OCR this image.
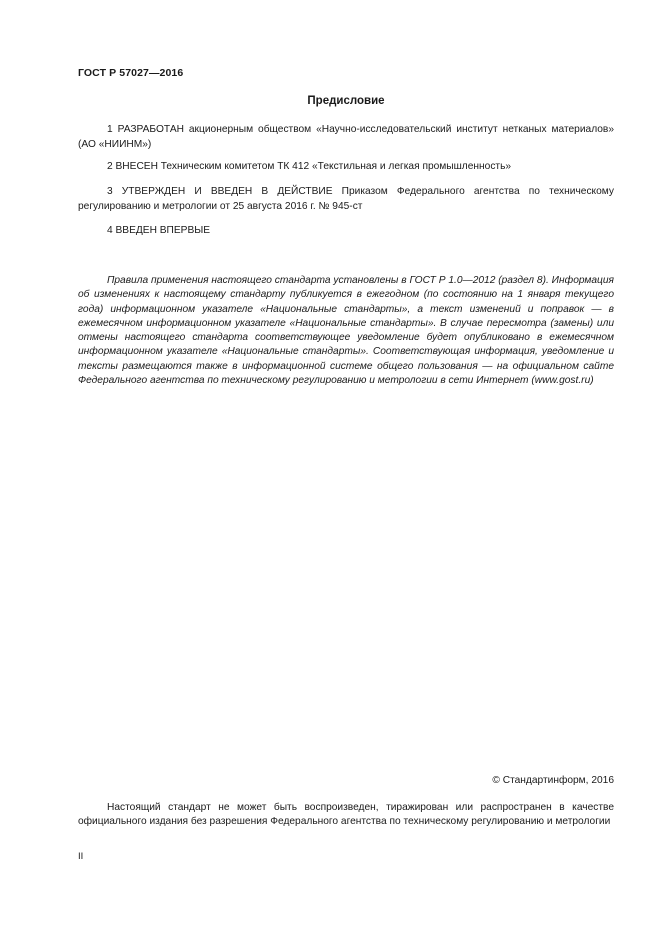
ГОСТ Р 57027—2016
Предисловие
1 РАЗРАБОТАН акционерным обществом «Научно-исследовательский институт нетканых материалов» (АО «НИИНМ»)
2 ВНЕСЕН Техническим комитетом ТК 412 «Текстильная и легкая промышленность»
3 УТВЕРЖДЕН И ВВЕДЕН В ДЕЙСТВИЕ Приказом Федерального агентства по техническому регулированию и метрологии от 25 августа 2016 г. № 945-ст
4 ВВЕДЕН ВПЕРВЫЕ
Правила применения настоящего стандарта установлены в ГОСТ Р 1.0—2012 (раздел 8). Информация об изменениях к настоящему стандарту публикуется в ежегодном (по состоянию на 1 января текущего года) информационном указателе «Национальные стандарты», а текст изменений и поправок — в ежемесячном информационном указателе «Национальные стандарты». В случае пересмотра (замены) или отмены настоящего стандарта соответствующее уведомление будет опубликовано в ежемесячном информационном указателе «Национальные стандарты». Соответствующая информация, уведомление и тексты размещаются также в информационной системе общего пользования — на официальном сайте Федерального агентства по техническому регулированию и метрологии в сети Интернет (www.gost.ru)
© Стандартинформ, 2016
Настоящий стандарт не может быть воспроизведен, тиражирован или распространен в качестве официального издания без разрешения Федерального агентства по техническому регулированию и метрологии
II
